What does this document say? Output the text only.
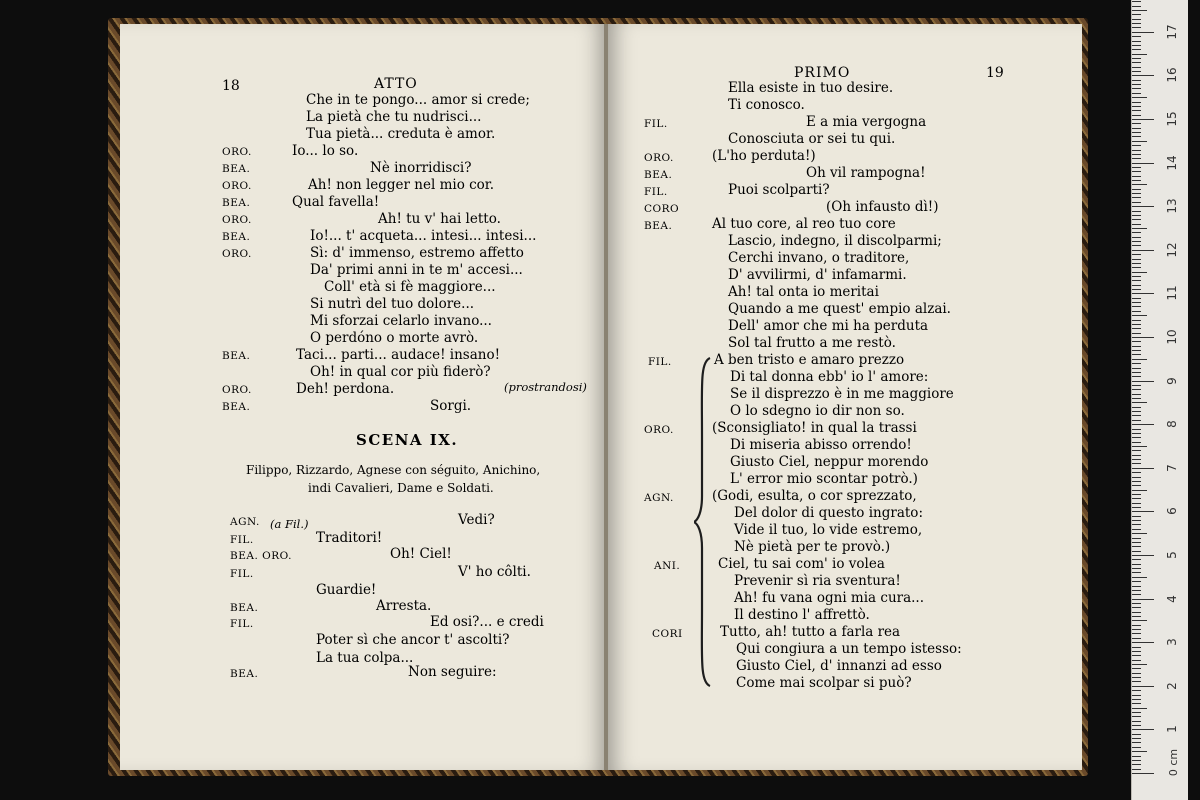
18	ATTO
Che in te pongo... amor si crede;
La pietà che tu nudrisci...
Tua pietà... creduta è amor.
ORO.	Io... lo so.
BEA.	Nè inorridisci?
ORO.	Ah! non legger nel mio cor.
BEA.	Qual favella!
ORO.	Ah! tu v' hai letto.
BEA.	Io!... t' acqueta... intesi... intesi...
ORO.	Sì: d' immenso, estremo affetto
Da' primi anni in te m' accesi...
Coll' età si fè maggiore...
Si nutrì del tuo dolore...
Mi sforzai celarlo invano...
O perdóno o morte avrò.
BEA.	Taci... parti... audace! insano!
Oh! in qual cor più fiderò?
ORO.	Deh! perdona.
BEA.	Sorgi.
(prostrandosi)
SCENA IX.
Filippo, Rizzardo, Agnese con séguito, Anichino,
indi Cavalieri, Dame e Soldati.
(a Fil.)
AGN.	Vedi?
FIL.	Traditori!
BEA. ORO.	Oh! Ciel!
FIL.	V' ho côlti.
Guardie!
BEA.	Arresta.
FIL.	Ed osi?... e credi
Poter sì che ancor t' ascolti?
La tua colpa...
BEA.	Non seguire:
PRIMO	19
Ella esiste in tuo desire.
Ti conosco.
FIL.	E a mia vergogna
Conosciuta or sei tu qui.
ORO.	(L'ho perduta!)
BEA.	Oh vil rampogna!
FIL.	Puoi scolparti?
CORO	(Oh infausto dì!)
BEA.	Al tuo core, al reo tuo core
Lascio, indegno, il discolparmi;
Cerchi invano, o traditore,
D' avvilirmi, d' infamarmi.
Ah! tal onta io meritai
Quando a me quest' empio alzai.
Dell' amor che mi ha perduta
Sol tal frutto a me restò.
FIL.	A ben tristo e amaro prezzo
Di tal donna ebb' io l' amore:
Se il disprezzo è in me maggiore
O lo sdegno io dir non so.
ORO.	(Sconsigliato! in qual la trassi
Di miseria abisso orrendo!
Giusto Ciel, neppur morendo
L' error mio scontar potrò.)
AGN.	(Godi, esulta, o cor sprezzato,
Del dolor di questo ingrato:
Vide il tuo, lo vide estremo,
Nè pietà per te provò.)
ANI.	Ciel, tu sai com' io volea
Prevenir sì ria sventura!
Ah! fu vana ogni mia cura...
Il destino l' affrettò.
CORI	Tutto, ah! tutto a farla rea
Qui congiura a un tempo istesso:
Giusto Ciel, d' innanzi ad esso
Come mai scolpar si può?
17
16
15
14
13
12
11
10
9
8
7
6
5
4
3
2
1
0 cm
